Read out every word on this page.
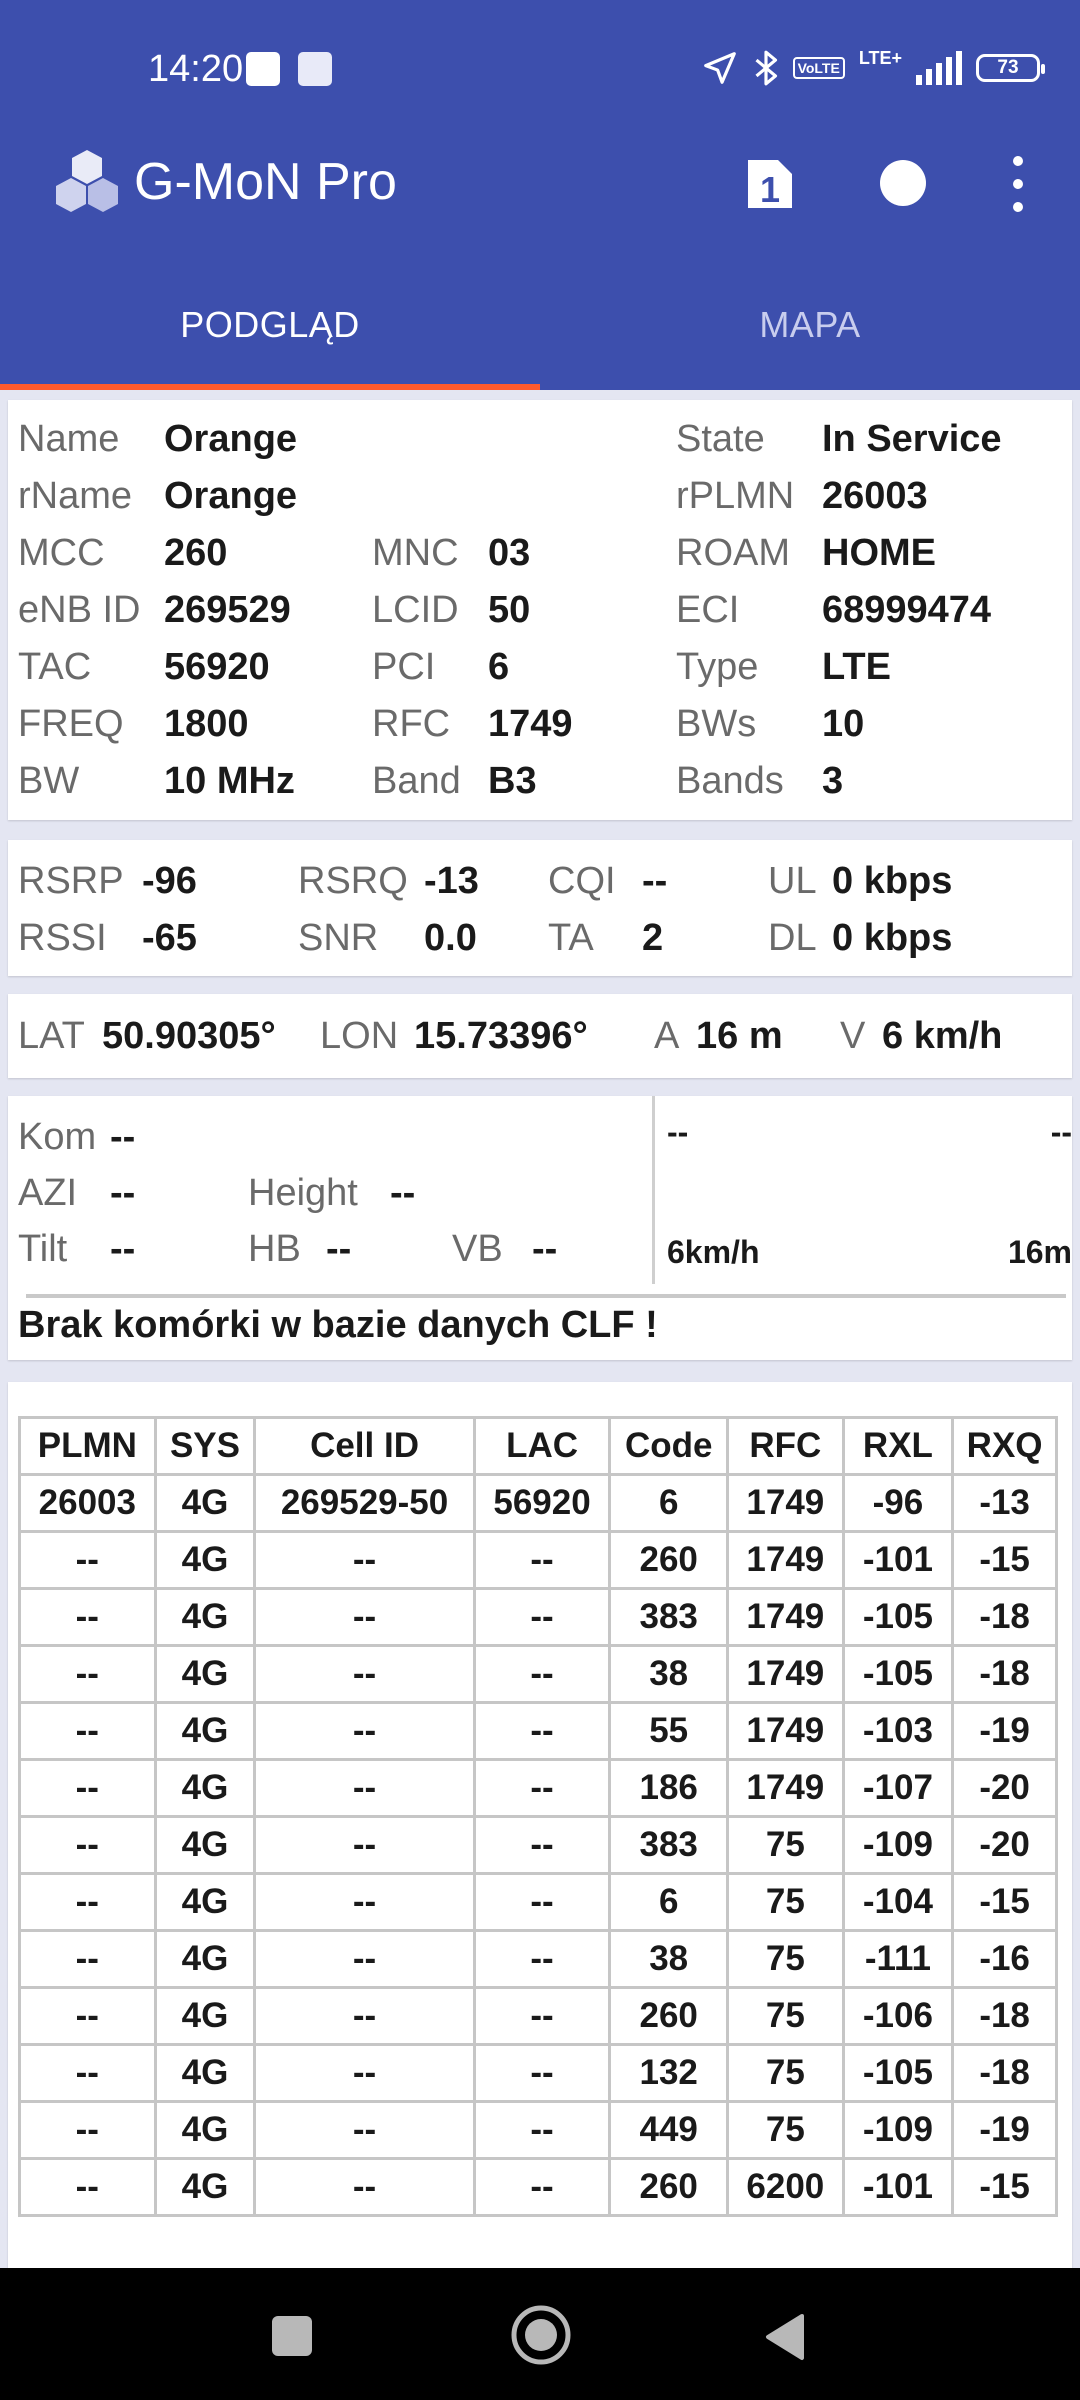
14:20	VoLTE
LTE+	73
G-MoN Pro	1
PODGLĄD	MAPA
Name Orange	State In Service
rName Orange	rPLMN 26003
MCC 260	MNC 03	ROAM HOME
eNB ID 269529 LCID 50	ECI 68999474
TAC 56920	PCI 6	Type LTE
FREQ 1800	RFC 1749	BWs 10
BW 10 MHz Band B3	Bands 3
RSRP -96	RSRQ -13 CQI --	UL 0 kbps
RSSI -65	SNR 0.0 TA 2	DL 0 kbps
LAT 50.90305° LON 15.73396° A 16 m V 6 km/h
Kom --
AZI --	Height --
Tilt --	HB --	VB --
--	--
6km/h	16m
Brak komórki w bazie danych CLF !
PLMN	SYS	Cell ID	LAC	Code	RFC	RXL	RXQ
26003	4G	269529-50	56920	6	1749	-96	-13
--	4G	--	--	260	1749	-101	-15
--	4G	--	--	383	1749	-105	-18
--	4G	--	--	38	1749	-105	-18
--	4G	--	--	55	1749	-103	-19
--	4G	--	--	186	1749	-107	-20
--	4G	--	--	383	75	-109	-20
--	4G	--	--	6	75	-104	-15
--	4G	--	--	38	75	-111	-16
--	4G	--	--	260	75	-106	-18
--	4G	--	--	132	75	-105	-18
--	4G	--	--	449	75	-109	-19
--	4G	--	--	260	6200	-101	-15
